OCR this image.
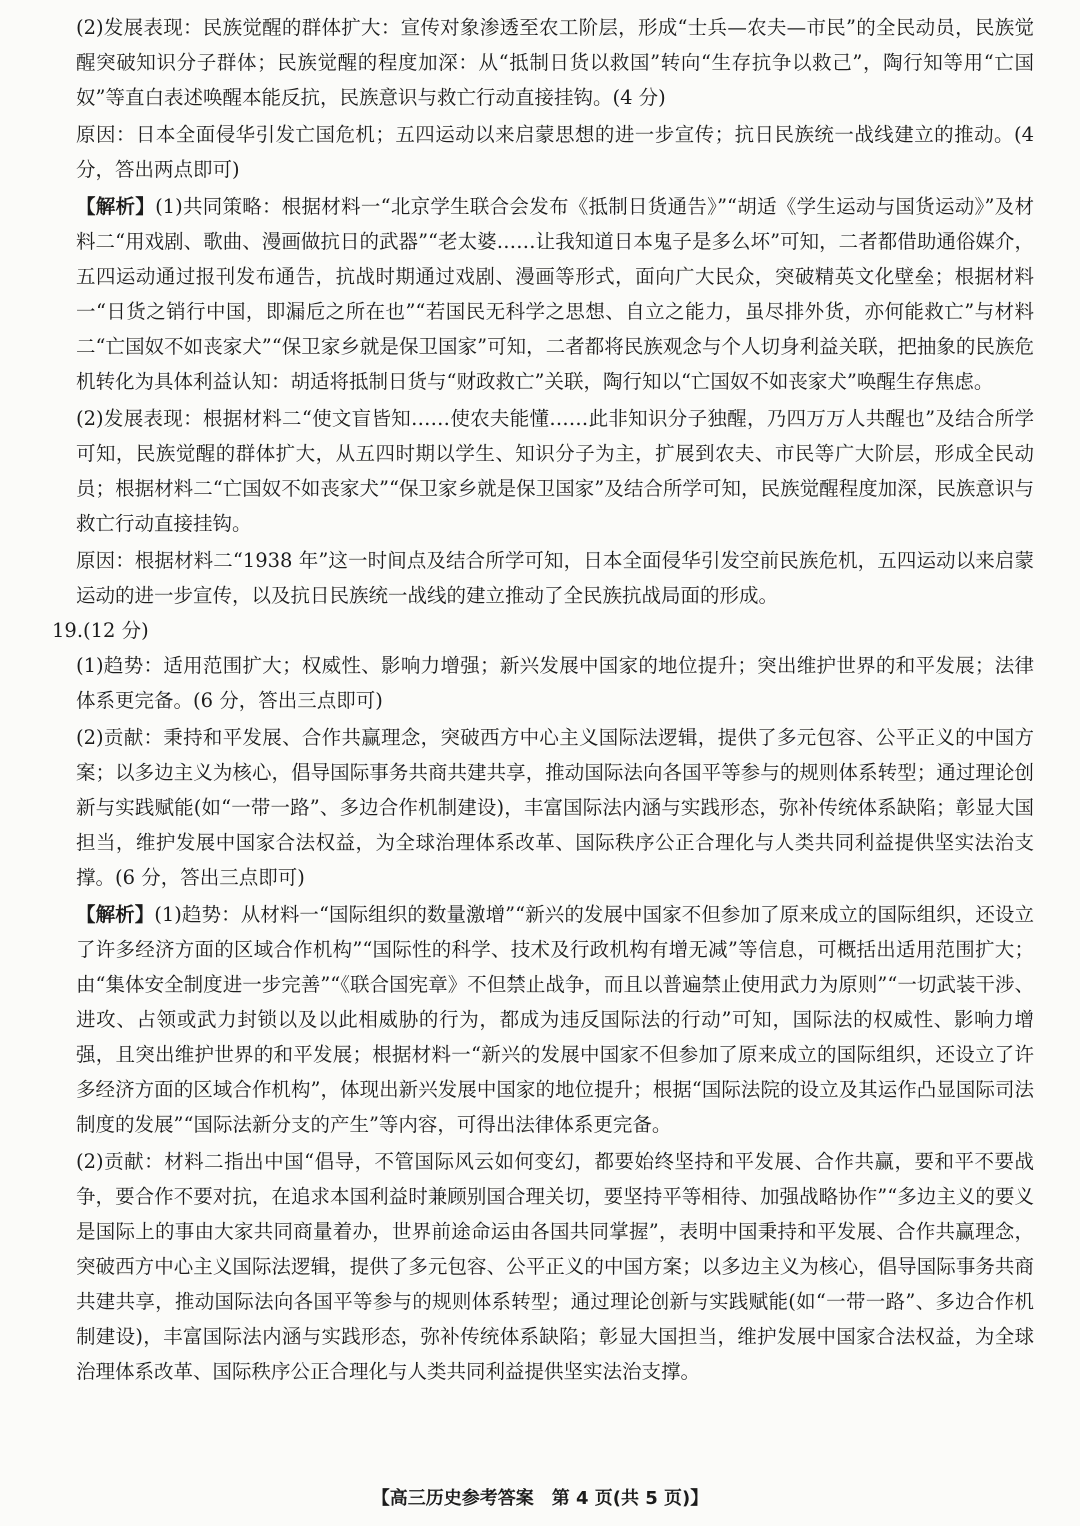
(2)发展表现：民族觉醒的群体扩大：宣传对象渗透至农工阶层，形成“士兵—农夫—市民”的全民动员，民族觉醒突破知识分子群体；民族觉醒的程度加深：从“抵制日货以救国”转向“生存抗争以救己”，陶行知等用“亡国奴”等直白表述唤醒本能反抗，民族意识与救亡行动直接挂钩。(4 分)

原因：日本全面侵华引发亡国危机；五四运动以来启蒙思想的进一步宣传；抗日民族统一战线建立的推动。(4 分，答出两点即可)

【解析】(1)共同策略：根据材料一“北京学生联合会发布《抵制日货通告》”“胡适《学生运动与国货运动》”及材料二“用戏剧、歌曲、漫画做抗日的武器”“老太婆……让我知道日本鬼子是多么坏”可知，二者都借助通俗媒介，五四运动通过报刊发布通告，抗战时期通过戏剧、漫画等形式，面向广大民众，突破精英文化壁垒；根据材料一“日货之销行中国，即漏卮之所在也”“若国民无科学之思想、自立之能力，虽尽排外货，亦何能救亡”与材料二“亡国奴不如丧家犬”“保卫家乡就是保卫国家”可知，二者都将民族观念与个人切身利益关联，把抽象的民族危机转化为具体利益认知：胡适将抵制日货与“财政救亡”关联，陶行知以“亡国奴不如丧家犬”唤醒生存焦虑。

(2)发展表现：根据材料二“使文盲皆知……使农夫能懂……此非知识分子独醒，乃四万万人共醒也”及结合所学可知，民族觉醒的群体扩大，从五四时期以学生、知识分子为主，扩展到农夫、市民等广大阶层，形成全民动员；根据材料二“亡国奴不如丧家犬”“保卫家乡就是保卫国家”及结合所学可知，民族觉醒程度加深，民族意识与救亡行动直接挂钩。

原因：根据材料二“1938 年”这一时间点及结合所学可知，日本全面侵华引发空前民族危机，五四运动以来启蒙运动的进一步宣传，以及抗日民族统一战线的建立推动了全民族抗战局面的形成。

19.(12 分)

(1)趋势：适用范围扩大；权威性、影响力增强；新兴发展中国家的地位提升；突出维护世界的和平发展；法律体系更完备。(6 分，答出三点即可)

(2)贡献：秉持和平发展、合作共赢理念，突破西方中心主义国际法逻辑，提供了多元包容、公平正义的中国方案；以多边主义为核心，倡导国际事务共商共建共享，推动国际法向各国平等参与的规则体系转型；通过理论创新与实践赋能(如“一带一路”、多边合作机制建设)，丰富国际法内涵与实践形态，弥补传统体系缺陷；彰显大国担当，维护发展中国家合法权益，为全球治理体系改革、国际秩序公正合理化与人类共同利益提供坚实法治支撑。(6 分，答出三点即可)

【解析】(1)趋势：从材料一“国际组织的数量激增”“新兴的发展中国家不但参加了原来成立的国际组织，还设立了许多经济方面的区域合作机构”“国际性的科学、技术及行政机构有增无减”等信息，可概括出适用范围扩大；由“集体安全制度进一步完善”“《联合国宪章》不但禁止战争，而且以普遍禁止使用武力为原则”“一切武装干涉、进攻、占领或武力封锁以及以此相威胁的行为，都成为违反国际法的行动”可知，国际法的权威性、影响力增强，且突出维护世界的和平发展；根据材料一“新兴的发展中国家不但参加了原来成立的国际组织，还设立了许多经济方面的区域合作机构”，体现出新兴发展中国家的地位提升；根据“国际法院的设立及其运作凸显国际司法制度的发展”“国际法新分支的产生”等内容，可得出法律体系更完备。

(2)贡献：材料二指出中国“倡导，不管国际风云如何变幻，都要始终坚持和平发展、合作共赢，要和平不要战争，要合作不要对抗，在追求本国利益时兼顾别国合理关切，要坚持平等相待、加强战略协作”“多边主义的要义是国际上的事由大家共同商量着办，世界前途命运由各国共同掌握”，表明中国秉持和平发展、合作共赢理念，突破西方中心主义国际法逻辑，提供了多元包容、公平正义的中国方案；以多边主义为核心，倡导国际事务共商共建共享，推动国际法向各国平等参与的规则体系转型；通过理论创新与实践赋能(如“一带一路”、多边合作机制建设)，丰富国际法内涵与实践形态，弥补传统体系缺陷；彰显大国担当，维护发展中国家合法权益，为全球治理体系改革、国际秩序公正合理化与人类共同利益提供坚实法治支撑。

【高三历史参考答案　第 4 页(共 5 页)】
